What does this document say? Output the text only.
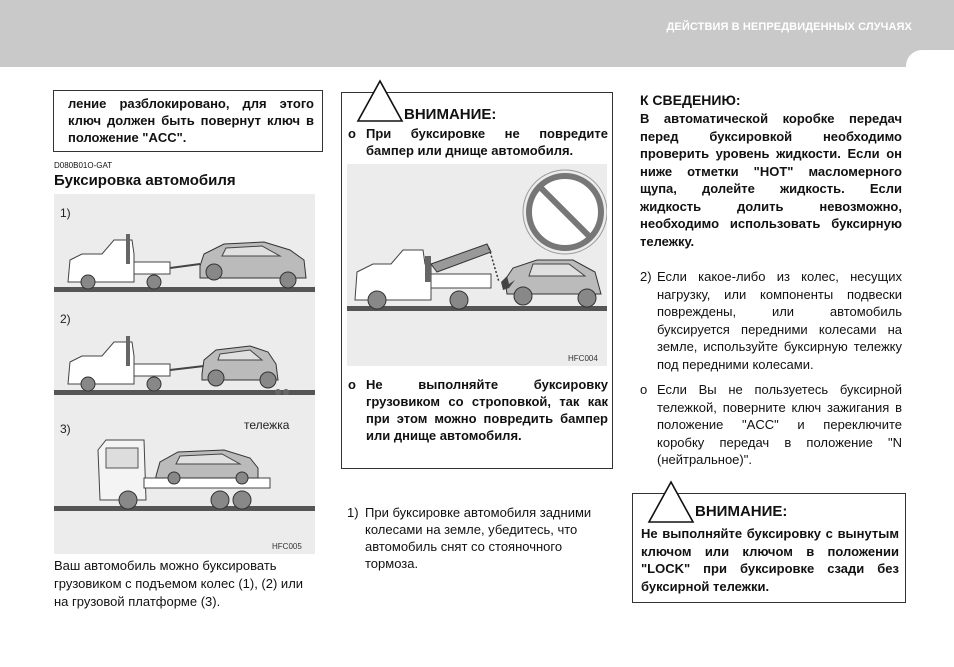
ДЕЙСТВИЯ В НЕПРЕДВИДЕННЫХ СЛУЧАЯХ

ление разблокировано, для этого ключ должен быть повернут ключ в положение "ACC".

D080B01O-GAT
Буксировка автомобиля
1)
2)
3)	тележка
HFC005
Ваш автомобиль можно буксировать грузовиком с подъемом колес (1), (2) или на грузовой платформе (3).
ВНИМАНИЕ:
o При буксировке не повредите бампер или днище автомобиля.
o Не выполняйте буксировку грузовиком со строповкой, так как при этом можно повредить бампер или днище автомобиля.
HFC004
1) При буксировке автомобиля задними колесами на земле, убедитесь, что автомобиль снят со стояночного тормоза.
К СВЕДЕНИЮ:
В автоматической коробке передач перед буксировкой необходимо проверить уровень жидкости. Если он ниже отметки "HOT" масломерного щупа, долейте жидкость. Если жидкость долить невозможно, необходимо использовать буксирную тележку.
2) Если какое-либо из колес, несущих нагрузку, или компоненты подвески повреждены, или автомобиль буксируется передними колесами на земле, используйте буксирную тележку под передними колесами.
o Если Вы не пользуетесь буксирной тележкой, поверните ключ зажигания в положение "ACC" и переключите коробку передач в положение "N (нейтральное)".
ВНИМАНИЕ:
Не выполняйте буксировку с вынутым ключом или ключом в положении "LOCK" при буксировке сзади без буксирной тележки.
